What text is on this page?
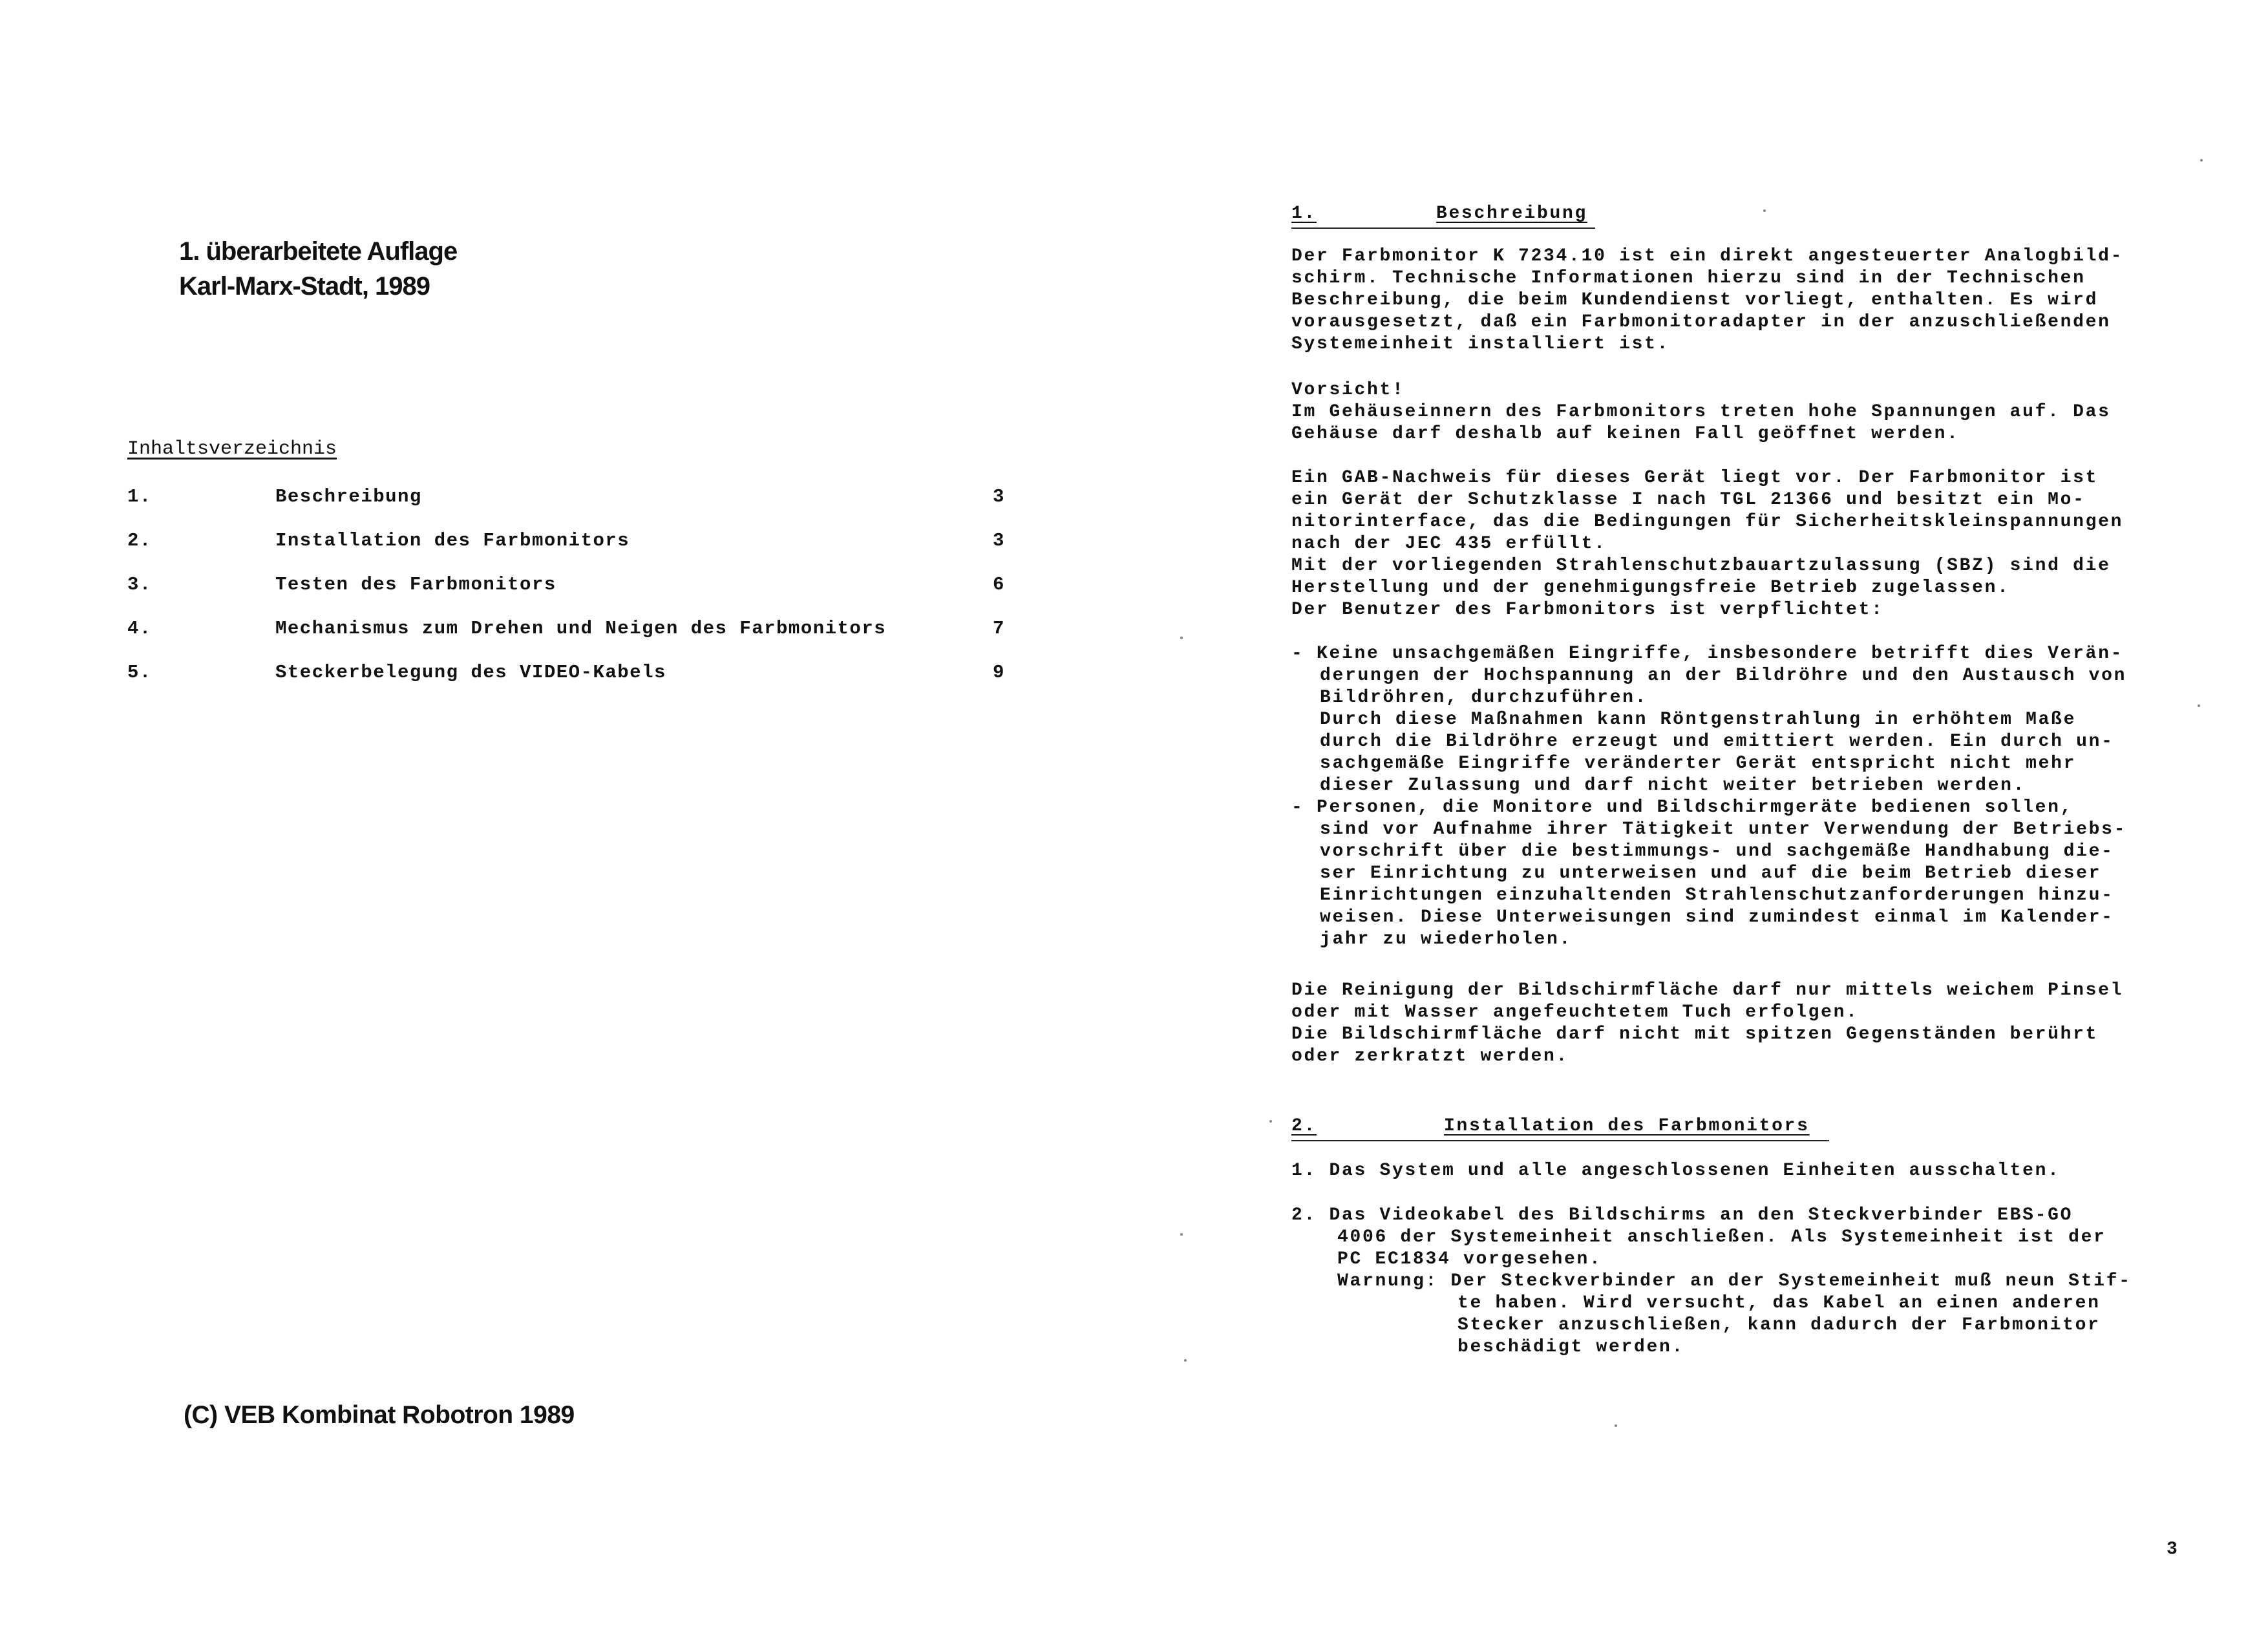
1. überarbeitete Auflage
Karl-Marx-Stadt, 1989
Inhaltsverzeichnis
1.	Beschreibung	3
2.	Installation des Farbmonitors	3
3.	Testen des Farbmonitors	6
4.	Mechanismus zum Drehen und Neigen des Farbmonitors	7
5.	Steckerbelegung des VIDEO-Kabels	9
(C) VEB Kombinat Robotron 1989
1.	Beschreibung
Der Farbmonitor K 7234.10 ist ein direkt angesteuerter Analogbild-
schirm. Technische Informationen hierzu sind in der Technischen
Beschreibung, die beim Kundendienst vorliegt, enthalten. Es wird
vorausgesetzt, daß ein Farbmonitoradapter in der anzuschließenden
Systemeinheit installiert ist.
Vorsicht!
Im Gehäuseinnern des Farbmonitors treten hohe Spannungen auf. Das
Gehäuse darf deshalb auf keinen Fall geöffnet werden.
Ein GAB-Nachweis für dieses Gerät liegt vor. Der Farbmonitor ist
ein Gerät der Schutzklasse I nach TGL 21366 und besitzt ein Mo-
nitorinterface, das die Bedingungen für Sicherheitskleinspannungen
nach der JEC 435 erfüllt.
Mit der vorliegenden Strahlenschutzbauartzulassung (SBZ) sind die
Herstellung und der genehmigungsfreie Betrieb zugelassen.
Der Benutzer des Farbmonitors ist verpflichtet:
- Keine unsachgemäßen Eingriffe, insbesondere betrifft dies Verän-
derungen der Hochspannung an der Bildröhre und den Austausch von
Bildröhren, durchzuführen.
Durch diese Maßnahmen kann Röntgenstrahlung in erhöhtem Maße
durch die Bildröhre erzeugt und emittiert werden. Ein durch un-
sachgemäße Eingriffe veränderter Gerät entspricht nicht mehr
dieser Zulassung und darf nicht weiter betrieben werden.
- Personen, die Monitore und Bildschirmgeräte bedienen sollen,
sind vor Aufnahme ihrer Tätigkeit unter Verwendung der Betriebs-
vorschrift über die bestimmungs- und sachgemäße Handhabung die-
ser Einrichtung zu unterweisen und auf die beim Betrieb dieser
Einrichtungen einzuhaltenden Strahlenschutzanforderungen hinzu-
weisen. Diese Unterweisungen sind zumindest einmal im Kalender-
jahr zu wiederholen.
Die Reinigung der Bildschirmfläche darf nur mittels weichem Pinsel
oder mit Wasser angefeuchtetem Tuch erfolgen.
Die Bildschirmfläche darf nicht mit spitzen Gegenständen berührt
oder zerkratzt werden.
2.	Installation des Farbmonitors
1. Das System und alle angeschlossenen Einheiten ausschalten.
2. Das Videokabel des Bildschirms an den Steckverbinder EBS-GO
4006 der Systemeinheit anschließen. Als Systemeinheit ist der
PC EC1834 vorgesehen.
Warnung: Der Steckverbinder an der Systemeinheit muß neun Stif-
te haben. Wird versucht, das Kabel an einen anderen
Stecker anzuschließen, kann dadurch der Farbmonitor
beschädigt werden.
3
